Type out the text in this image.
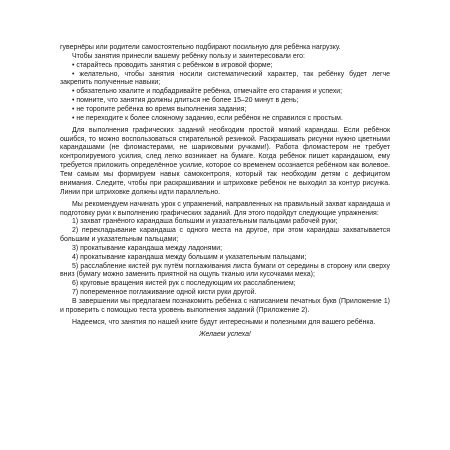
гувернёры или родители самостоятельно подбирают посильную для ребёнка нагрузку.

Чтобы занятия принесли вашему ребёнку пользу и заинтересовали его:

• старайтесь проводить занятия с ребёнком в игровой форме;

• желательно, чтобы занятия носили систематический характер, так ребёнку будет легче закрепить полученные навыки;

• обязательно хвалите и подбадривайте ребёнка, отмечайте его старания и успехи;

• помните, что занятия должны длиться не более 15–20 минут в день;

• не торопите ребёнка во время выполнения задания;

• не переходите к более сложному заданию, если ребёнок не справился с простым.

Для выполнения графических заданий необходим простой мягкий карандаш. Если ребёнок ошибся, то можно воспользоваться стирательной резинкой. Раскрашивать рисунки нужно цветными карандашами (не фломастерами, не шариковыми ручками!). Работа фломастером не требует контролируемого усилия, след легко возникает на бумаге. Когда ребёнок пишет карандашом, ему требуется приложить определённое усилие, которое со временем осознается ребёнком как волевое. Тем самым мы формируем навык самоконтроля, который так необходим детям с дефицитом внимания. Следите, чтобы при раскрашивании и штриховке ребёнок не выходил за контур рисунка. Линии при штриховке должны идти параллельно.

Мы рекомендуем начинать урок с упражнений, направленных на правильный захват карандаша и подготовку руки к выполнению графических заданий. Для этого подойдут следующие упражнения:

1) захват гранёного карандаша большим и указательным пальцами рабочей руки;

2) перекладывание карандаша с одного места на другое, при этом карандаш захватывается большим и указательным пальцами;

3) прокатывание карандаша между ладонями;

4) прокатывание карандаша между большим и указательным пальцами;

5) расслабление кистей рук путём поглаживания листа бумаги от середины в сторону или сверху вниз (бумагу можно заменить приятной на ощупь тканью или кусочками меха);

6) круговые вращения кистей рук с последующим их расслаблением;

7) попеременное поглаживание одной кисти руки другой.

В завершении мы предлагаем познакомить ребёнка с написанием печатных букв (Приложение 1) и проверить с помощью теста уровень выполнения заданий (Приложение 2).

Надеемся, что занятия по нашей книге будут интересными и полезными для вашего ребёнка.

Желаем успеха!
